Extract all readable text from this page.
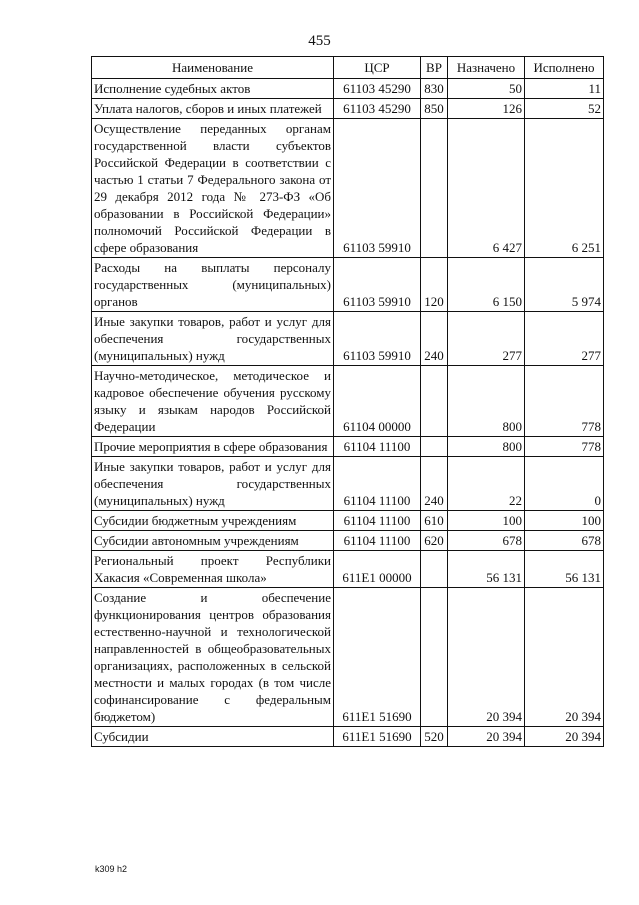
455
Наименование	ЦСР	ВР	Назначено	Исполнено
Исполнение судебных актов	61103 45290	830	50	11
Уплата налогов, сборов и иных платежей	61103 45290	850	126	52
Осуществление переданных органам государственной власти субъектов Российской Федерации в соответствии с частью 1 статьи 7 Федерального закона от 29 декабря 2012 года № 273-ФЗ «Об образовании в Российской Федерации» полномочий Российской Федерации в сфере образования	61103 59910		6 427	6 251
Расходы на выплаты персоналу государственных (муниципальных) органов	61103 59910	120	6 150	5 974
Иные закупки товаров, работ и услуг для обеспечения государственных (муниципальных) нужд	61103 59910	240	277	277
Научно-методическое, методическое и кадровое обеспечение обучения русскому языку и языкам народов Российской Федерации	61104 00000		800	778
Прочие мероприятия в сфере образования	61104 11100		800	778
Иные закупки товаров, работ и услуг для обеспечения государственных (муниципальных) нужд	61104 11100	240	22	0
Субсидии бюджетным учреждениям	61104 11100	610	100	100
Субсидии автономным учреждениям	61104 11100	620	678	678
Региональный проект Республики Хакасия «Современная школа»	611E1 00000		56 131	56 131
Создание и обеспечение функционирования центров образования естественно-научной и технологической направленностей в общеобразовательных организациях, расположенных в сельской местности и малых городах (в том числе софинансирование с федеральным бюджетом)	611E1 51690		20 394	20 394
Субсидии	611E1 51690	520	20 394	20 394
k309 h2
